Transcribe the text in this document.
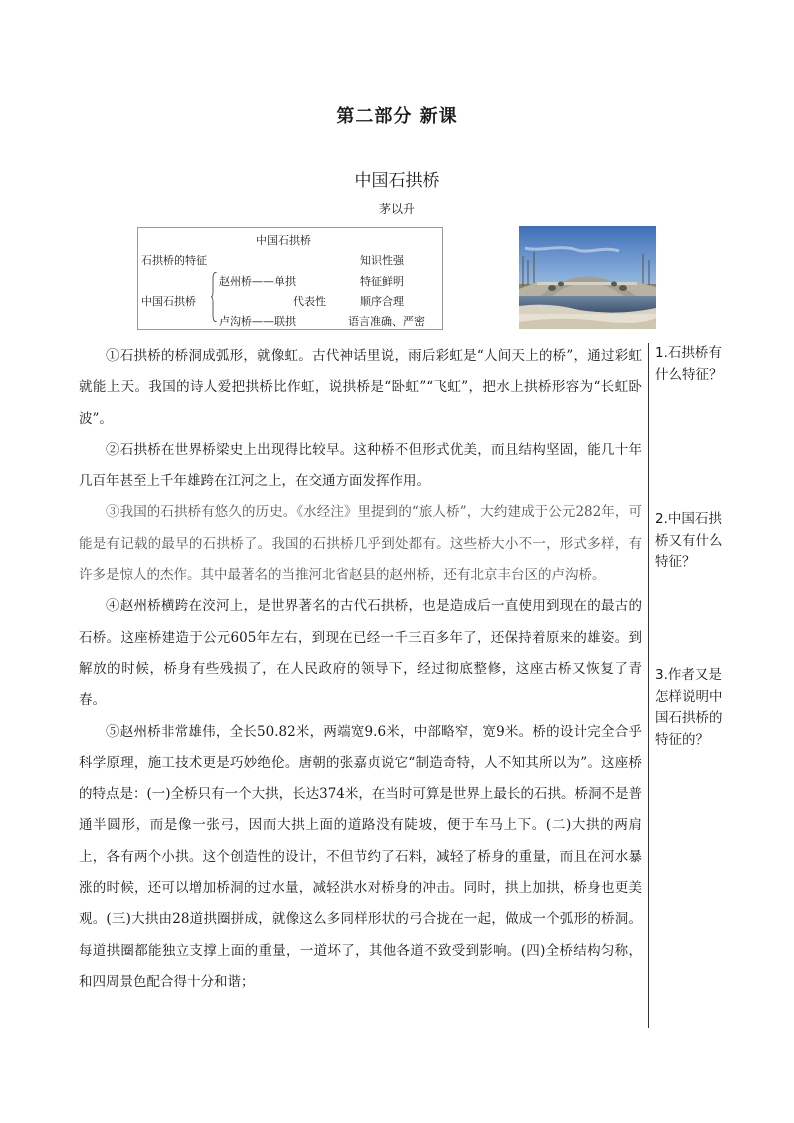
第二部分 新课
中国石拱桥
茅以升
中国石拱桥
石拱桥的特征	知识性强
赵州桥——单拱	特征鲜明
中国石拱桥	代表性	顺序合理
卢沟桥——联拱	语言准确、严密

①石拱桥的桥洞成弧形，就像虹。古代神话里说，雨后彩虹是“人间天上的桥”，通过彩虹就能上天。我国的诗人爱把拱桥比作虹，说拱桥是“卧虹”“飞虹”，把水上拱桥形容为“长虹卧波”。

②石拱桥在世界桥梁史上出现得比较早。这种桥不但形式优美，而且结构坚固，能几十年几百年甚至上千年雄跨在江河之上，在交通方面发挥作用。

③我国的石拱桥有悠久的历史。《水经注》里提到的“旅人桥”，大约建成于公元282年，可能是有记载的最早的石拱桥了。我国的石拱桥几乎到处都有。这些桥大小不一，形式多样，有许多是惊人的杰作。其中最著名的当推河北省赵县的赵州桥，还有北京丰台区的卢沟桥。

④赵州桥横跨在洨河上，是世界著名的古代石拱桥，也是造成后一直使用到现在的最古的石桥。这座桥建造于公元605年左右，到现在已经一千三百多年了，还保持着原来的雄姿。到解放的时候，桥身有些残损了，在人民政府的领导下，经过彻底整修，这座古桥又恢复了青春。

⑤赵州桥非常雄伟，全长50.82米，两端宽9.6米，中部略窄，宽9米。桥的设计完全合乎科学原理，施工技术更是巧妙绝伦。唐朝的张嘉贞说它“制造奇特，人不知其所以为”。这座桥的特点是：(一)全桥只有一个大拱，长达374米，在当时可算是世界上最长的石拱。桥洞不是普通半圆形，而是像一张弓，因而大拱上面的道路没有陡坡，便于车马上下。(二)大拱的两肩上，各有两个小拱。这个创造性的设计，不但节约了石料，减轻了桥身的重量，而且在河水暴涨的时候，还可以增加桥洞的过水量，减轻洪水对桥身的冲击。同时，拱上加拱，桥身也更美观。(三)大拱由28道拱圈拼成，就像这么多同样形状的弓合拢在一起，做成一个弧形的桥洞。每道拱圈都能独立支撑上面的重量，一道坏了，其他各道不致受到影响。(四)全桥结构匀称，和四周景色配合得十分和谐；

1.石拱桥有什么特征？
2.中国石拱桥又有什么特征？
3.作者又是怎样说明中国石拱桥的特征的？
